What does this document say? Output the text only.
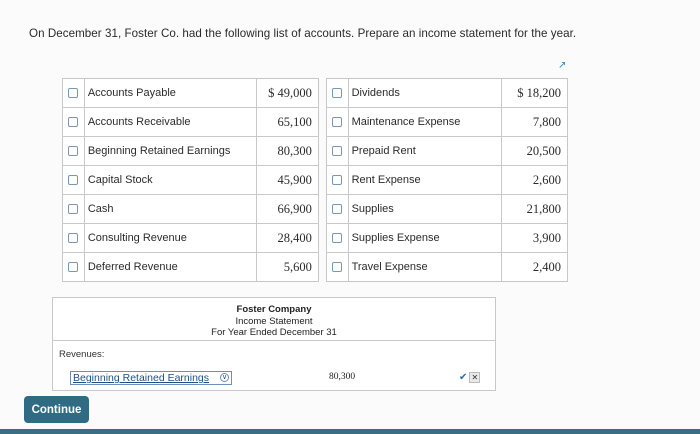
On December 31, Foster Co. had the following list of accounts. Prepare an income statement for the year.
↗
	Accounts Payable	$ 49,000			Dividends	$ 18,200
	Accounts Receivable	65,100			Maintenance Expense	7,800
	Beginning Retained Earnings	80,300			Prepaid Rent	20,500
	Capital Stock	45,900			Rent Expense	2,600
	Cash	66,900			Supplies	21,800
	Consulting Revenue	28,400			Supplies Expense	3,900
	Deferred Revenue	5,600			Travel Expense	2,400
Foster Company
Income Statement
For Year Ended December 31
Revenues:
Beginning Retained Earnings ∨	80,300	✔ ✕
Continue
